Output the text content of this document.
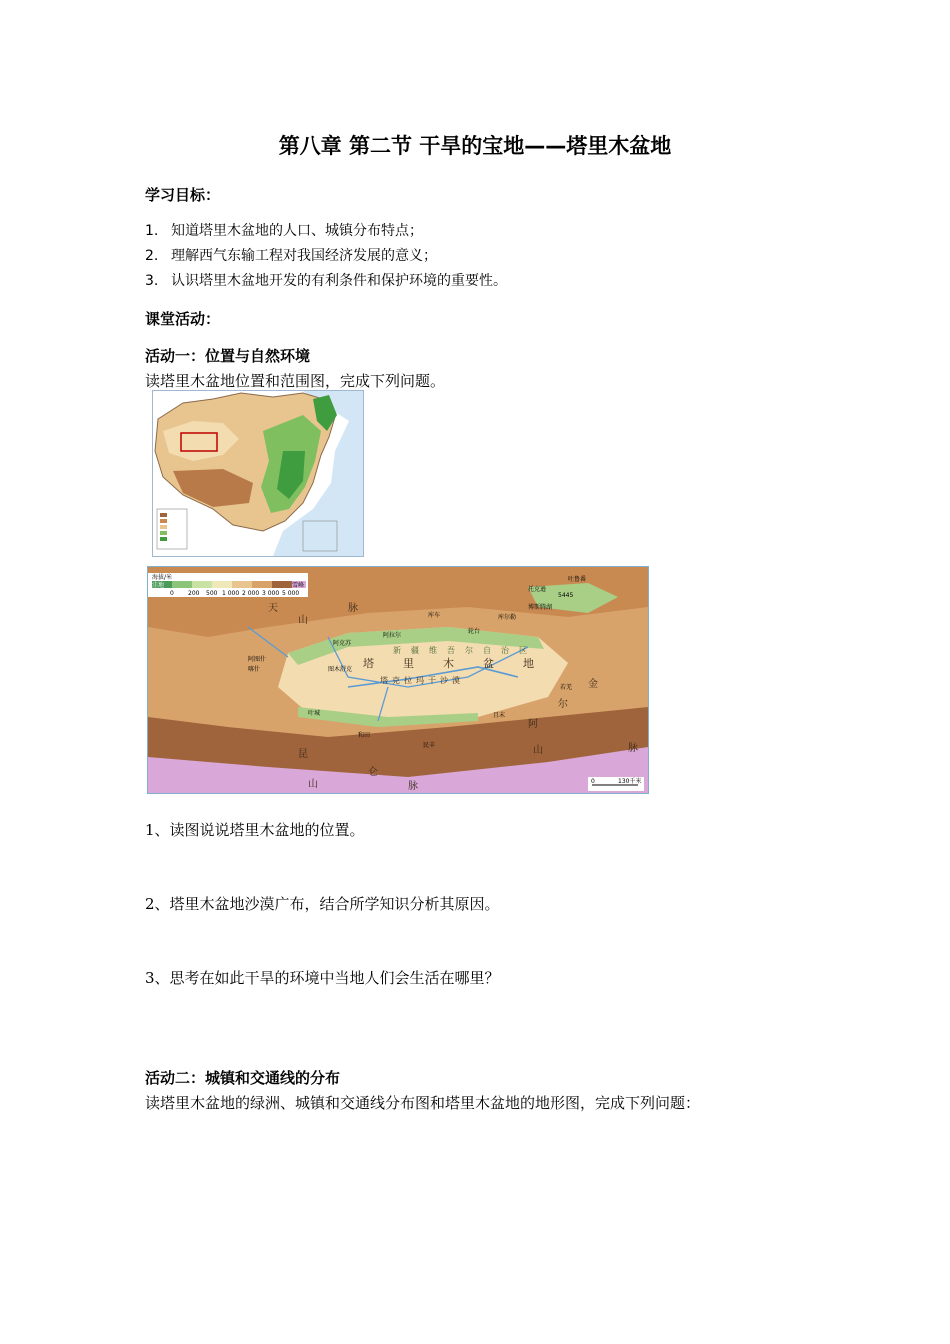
第八章 第二节 干旱的宝地——塔里木盆地
学习目标：
1. 知道塔里木盆地的人口、城镇分布特点；
2. 理解西气东输工程对我国经济发展的意义；
3. 认识塔里木盆地开发的有利条件和保护环境的重要性。
课堂活动：
活动一：位置与自然环境
读塔里木盆地位置和范围图，完成下列问题。
海拔/米
洼地	雪峰
0 200 500 1 000 2 000 3 000 5 000
塔	里	木	盆	地
塔克拉玛干沙漠
新疆维吾尔自治区
库车
阿克苏
喀什
阿图什
图木舒克
叶城
和田
民丰
且末
若羌
轮台
库尔勒
吐鲁番
托克逊
阿拉尔
5445
博斯腾湖
天
山
脉
昆
仑
山	脉
阿
尔
金
山	脉
0	130千米
1、读图说说塔里木盆地的位置。
2、塔里木盆地沙漠广布，结合所学知识分析其原因。
3、思考在如此干旱的环境中当地人们会生活在哪里？
活动二：城镇和交通线的分布
读塔里木盆地的绿洲、城镇和交通线分布图和塔里木盆地的地形图，完成下列问题：
